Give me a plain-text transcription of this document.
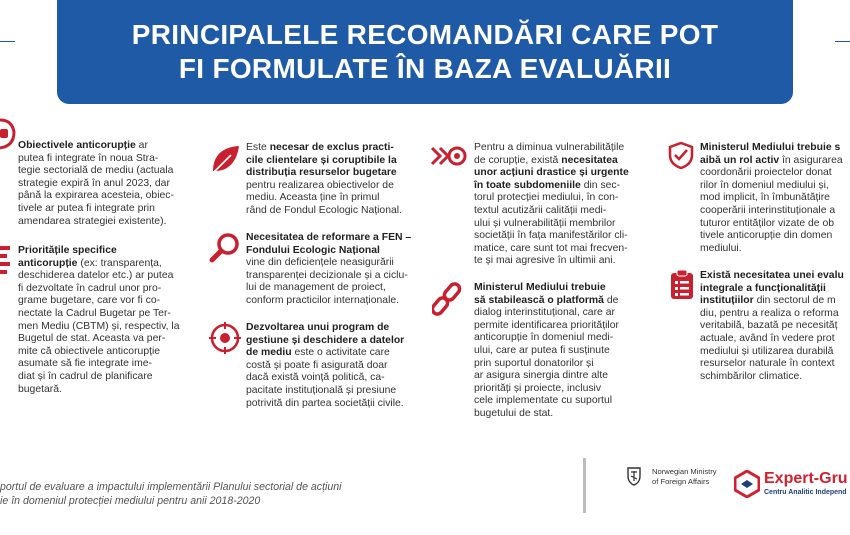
PRINCIPALELE RECOMANDĂRI CARE POT
FI FORMULATE ÎN BAZA EVALUĂRII
Obiectivele anticorupție ar
putea fi integrate în noua Stra-
tegie sectorială de mediu (actuala
strategie expiră în anul 2023, dar
până la expirarea acesteia, obiec-
tivele ar putea fi integrate prin
amendarea strategiei existente).
Prioritățile specifice
anticorupție (ex: transparența,
deschiderea datelor etc.) ar putea
fi dezvoltate în cadrul unor pro-
grame bugetare, care vor fi co-
nectate la Cadrul Bugetar pe Ter-
men Mediu (CBTM) și, respectiv, la
Bugetul de stat. Aceasta va per-
mite că obiectivele anticorupție
asumate să fie integrate ime-
diat și în cadrul de planificare
bugetară.
Este necesar de exclus practi-
cile clientelare și coruptibile la
distribuția resurselor bugetare
pentru realizarea obiectivelor de
mediu. Aceasta ține în primul
rând de Fondul Ecologic Național.
Necesitatea de reformare a FEN –
Fondului Ecologic Național
vine din deficiențele neasigurării
transparenței decizionale și a ciclu-
lui de management de proiect,
conform practicilor internaționale.
Dezvoltarea unui program de
gestiune și deschidere a datelor
de mediu este o activitate care
costă și poate fi asigurată doar
dacă există voință politică, ca-
pacitate instituțională și presiune
potrivită din partea societății civile.
Pentru a diminua vulnerabilitățile
de corupție, există necesitatea
unor acțiuni drastice și urgente
în toate subdomeniile din sec-
torul protecției mediului, în con-
textul acutizării calității medi-
ului și vulnerabilității membrilor
societății în fața manifestărilor cli-
matice, care sunt tot mai frecven-
te și mai agresive în ultimii ani.
Ministerul Mediului trebuie
să stabilească o platformă de
dialog interinstituțional, care ar
permite identificarea priorităților
anticorupție în domeniul medi-
ului, care ar putea fi susținute
prin suportul donatorilor și
ar asigura sinergia dintre alte
priorități și proiecte, inclusiv
cele implementate cu suportul
bugetului de stat.
Ministerul Mediului trebuie s
aibă un rol activ în asigurarea
coordonării proiectelor donat
rilor în domeniul mediului și,
mod implicit, în îmbunătățire
cooperării interinstituționale a
tuturor entităților vizate de ob
tivele anticorupție din domen
mediului.
Există necesitatea unei evalu
integrale a funcționalității
instituțiilor din sectorul de m
diu, pentru a realiza o reforma
veritabilă, bazată pe necesităț
actuale, având în vedere prot
mediului și utilizarea durabilă
resurselor naturale în context
schimbărilor climatice.
portul de evaluare a impactului implementării Planului sectorial de acțiuni
ie în domeniul protecției mediului pentru anii 2018-2020
Norwegian Ministry
of Foreign Affairs	Expert-Gru
Centru Analitic Independ
